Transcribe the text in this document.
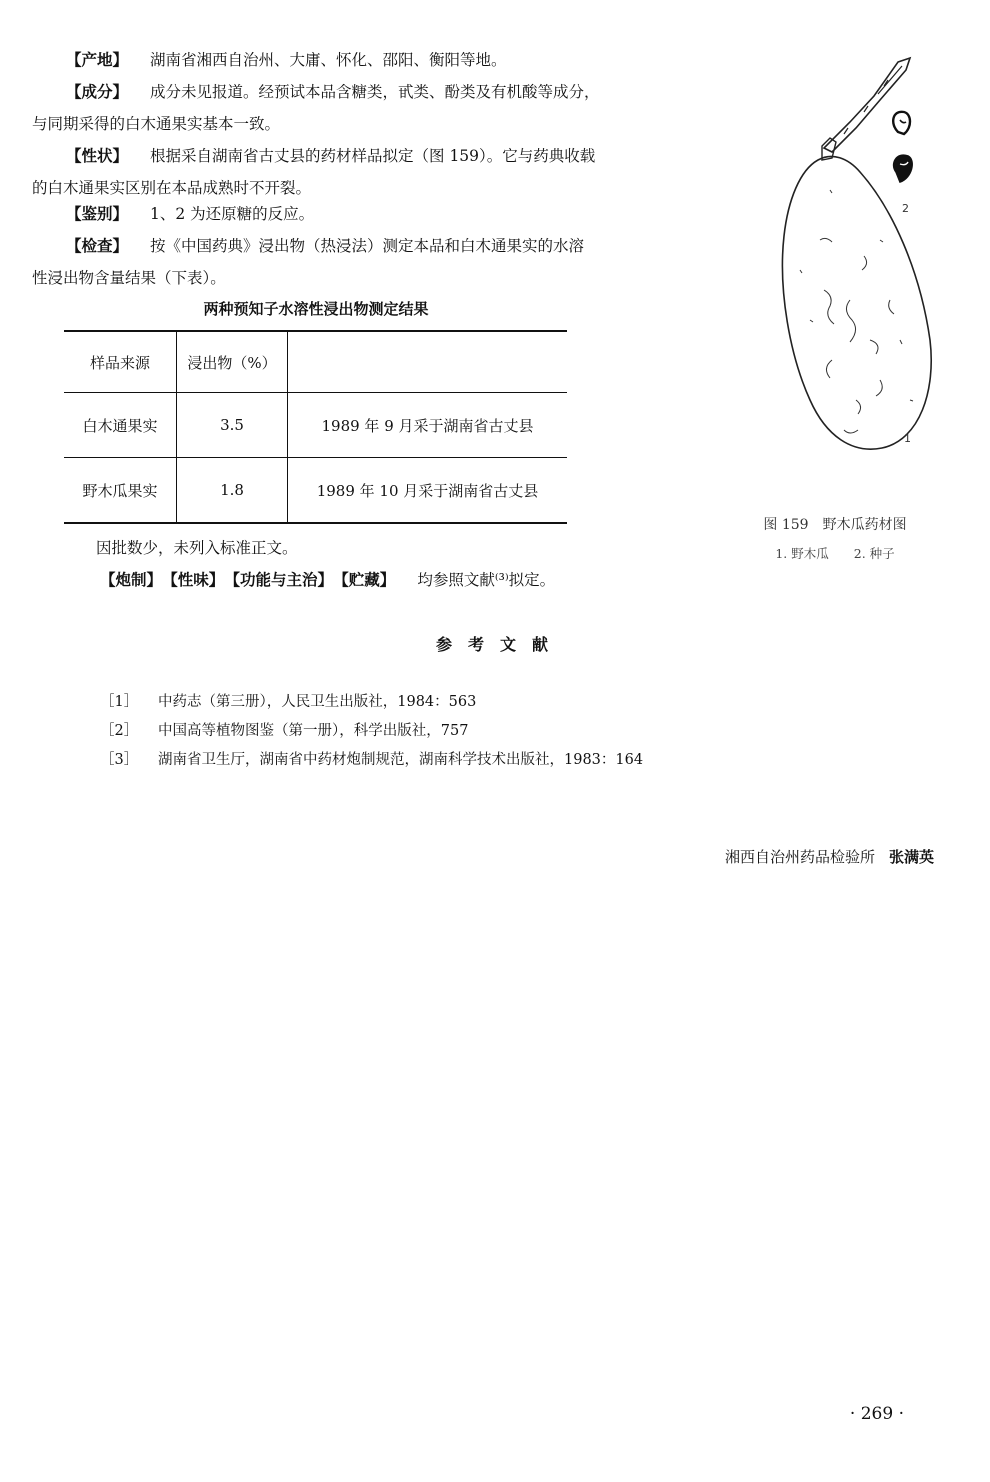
【产地】 湖南省湘西自治州、大庸、怀化、邵阳、衡阳等地。
【成分】 成分未见报道。经预试本品含糖类，甙类、酚类及有机酸等成分，
与同期采得的白木通果实基本一致。
【性状】 根据采自湖南省古丈县的药材样品拟定（图 159）。它与药典收载
的白木通果实区别在本品成熟时不开裂。
【鉴别】 1、2 为还原糖的反应。
【检查】 按《中国药典》浸出物（热浸法）测定本品和白木通果实的水溶
性浸出物含量结果（下表）。
两种预知子水溶性浸出物测定结果
样品来源	浸出物（%）	
白木通果实	3.5	1989 年 9 月采于湖南省古丈县
野木瓜果实	1.8	1989 年 10 月采于湖南省古丈县
因批数少，未列入标准正文。
【炮制】 【性味】 【功能与主治】 【贮藏】 均参照文献⁽³⁾拟定。
参考文献
［1］ 中药志（第三册），人民卫生出版社，1984：563
［2］ 中国高等植物图鉴（第一册），科学出版社，757
［3］ 湖南省卫生厅，湖南省中药材炮制规范，湖南科学技术出版社，1983：164
湘西自治州药品检验所 张满英
2
1
图 159　野木瓜药材图
1. 野木瓜　　2. 种子
· 269 ·
